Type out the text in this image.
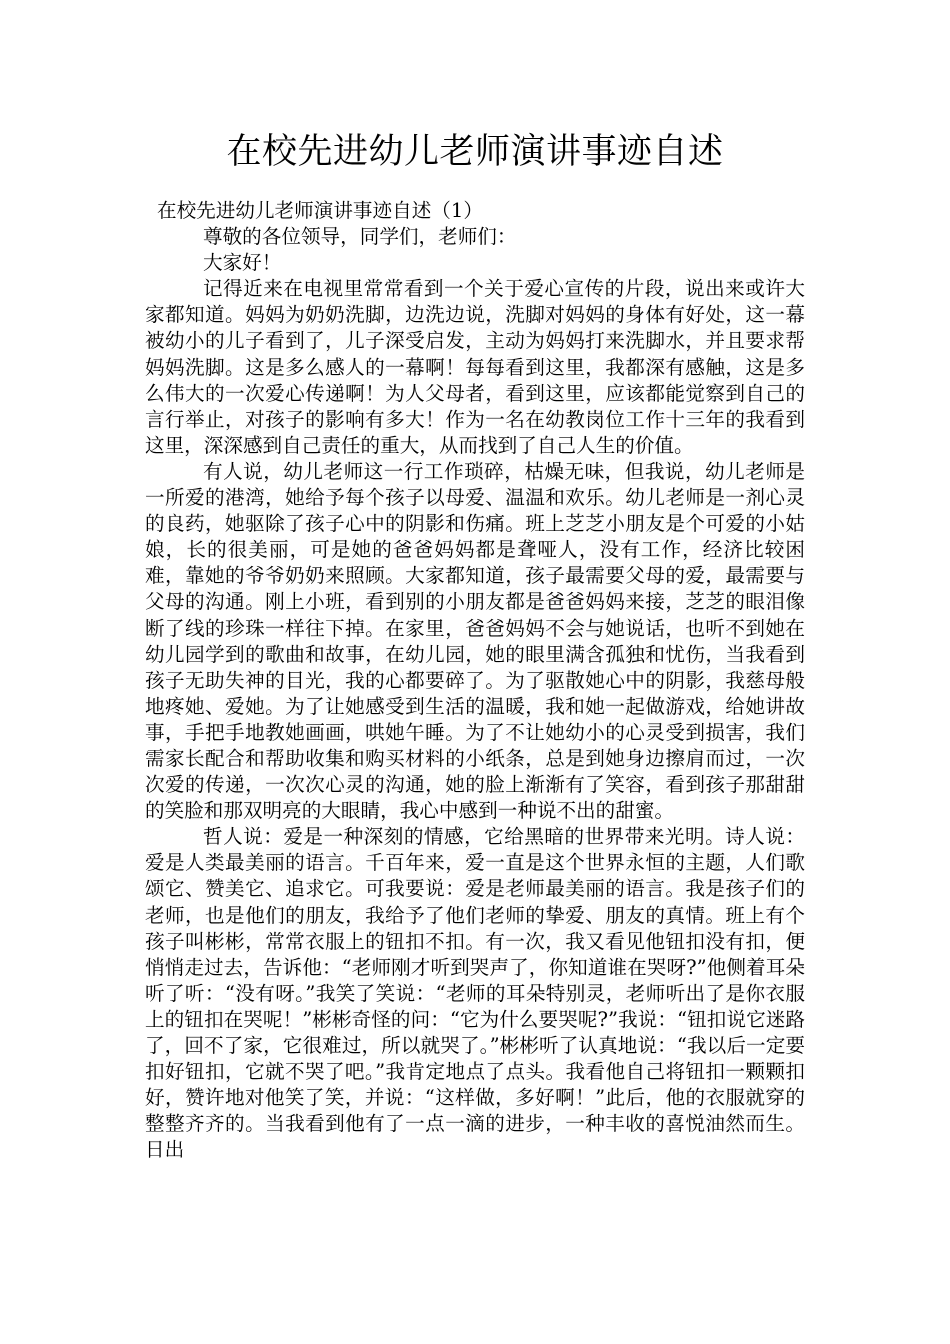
在校先进幼儿老师演讲事迹自述

在校先进幼儿老师演讲事迹自述（1）

尊敬的各位领导，同学们，老师们：

大家好！

记得近来在电视里常常看到一个关于爱心宣传的片段，说出来或许大家都知道。妈妈为奶奶洗脚，边洗边说，洗脚对妈妈的身体有好处，这一幕被幼小的儿子看到了，儿子深受启发，主动为妈妈打来洗脚水，并且要求帮妈妈洗脚。这是多么感人的一幕啊！每每看到这里，我都深有感触，这是多么伟大的一次爱心传递啊！为人父母者，看到这里，应该都能觉察到自己的言行举止，对孩子的影响有多大！作为一名在幼教岗位工作十三年的我看到这里，深深感到自己责任的重大，从而找到了自己人生的价值。

有人说，幼儿老师这一行工作琐碎，枯燥无味，但我说，幼儿老师是一所爱的港湾，她给予每个孩子以母爱、温温和欢乐。幼儿老师是一剂心灵的良药，她驱除了孩子心中的阴影和伤痛。班上芝芝小朋友是个可爱的小姑娘，长的很美丽，可是她的爸爸妈妈都是聋哑人，没有工作，经济比较困难，靠她的爷爷奶奶来照顾。大家都知道，孩子最需要父母的爱，最需要与父母的沟通。刚上小班，看到别的小朋友都是爸爸妈妈来接，芝芝的眼泪像断了线的珍珠一样往下掉。在家里，爸爸妈妈不会与她说话，也听不到她在幼儿园学到的歌曲和故事，在幼儿园，她的眼里满含孤独和忧伤，当我看到孩子无助失神的目光，我的心都要碎了。为了驱散她心中的阴影，我慈母般地疼她、爱她。为了让她感受到生活的温暖，我和她一起做游戏，给她讲故事，手把手地教她画画，哄她午睡。为了不让她幼小的心灵受到损害，我们需家长配合和帮助收集和购买材料的小纸条，总是到她身边擦肩而过，一次次爱的传递，一次次心灵的沟通，她的脸上渐渐有了笑容，看到孩子那甜甜的笑脸和那双明亮的大眼睛，我心中感到一种说不出的甜蜜。

哲人说：爱是一种深刻的情感，它给黑暗的世界带来光明。诗人说：爱是人类最美丽的语言。千百年来，爱一直是这个世界永恒的主题，人们歌颂它、赞美它、追求它。可我要说：爱是老师最美丽的语言。我是孩子们的老师，也是他们的朋友，我给予了他们老师的挚爱、朋友的真情。班上有个孩子叫彬彬，常常衣服上的钮扣不扣。有一次，我又看见他钮扣没有扣，便悄悄走过去，告诉他：“老师刚才听到哭声了，你知道谁在哭呀?”他侧着耳朵听了听：“没有呀。”我笑了笑说：“老师的耳朵特别灵，老师听出了是你衣服上的钮扣在哭呢！”彬彬奇怪的问：“它为什么要哭呢?”我说：“钮扣说它迷路了，回不了家，它很难过，所以就哭了。”彬彬听了认真地说：“我以后一定要扣好钮扣，它就不哭了吧。”我肯定地点了点头。我看他自己将钮扣一颗颗扣好，赞许地对他笑了笑，并说：“这样做，多好啊！”此后，他的衣服就穿的整整齐齐的。当我看到他有了一点一滴的进步，一种丰收的喜悦油然而生。日出
